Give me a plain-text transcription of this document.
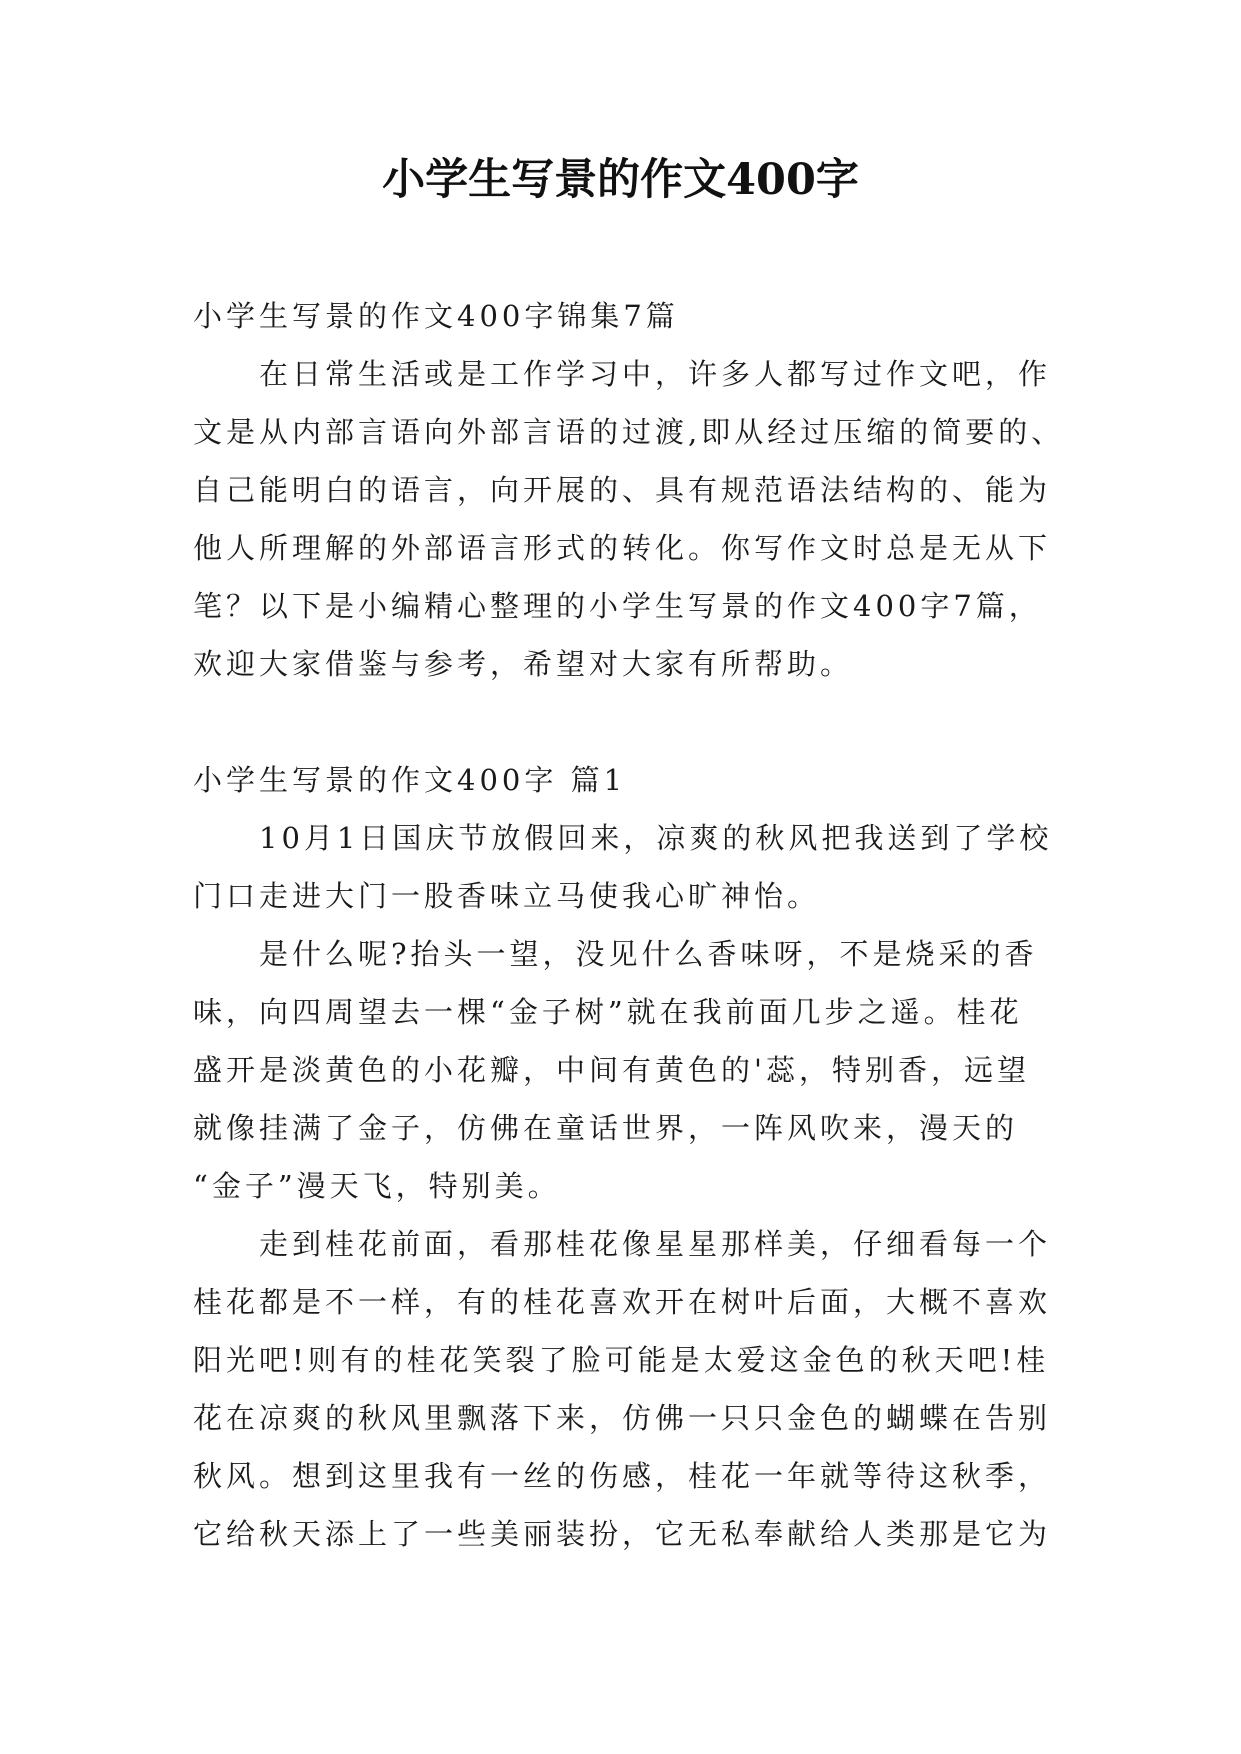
小学生写景的作文400字
小学生写景的作文400字锦集7篇
在日常生活或是工作学习中，许多人都写过作文吧，作
文是从内部言语向外部言语的过渡,即从经过压缩的简要的、
自己能明白的语言，向开展的、具有规范语法结构的、能为
他人所理解的外部语言形式的转化。你写作文时总是无从下
笔？以下是小编精心整理的小学生写景的作文400字7篇，
欢迎大家借鉴与参考，希望对大家有所帮助。
小学生写景的作文400字 篇1
10月1日国庆节放假回来，凉爽的秋风把我送到了学校
门口走进大门一股香味立马使我心旷神怡。
是什么呢?抬头一望，没见什么香味呀，不是烧采的香
味，向四周望去一棵“金子树”就在我前面几步之遥。桂花
盛开是淡黄色的小花瓣，中间有黄色的'蕊，特别香，远望
就像挂满了金子，仿佛在童话世界，一阵风吹来，漫天的
“金子”漫天飞，特别美。
走到桂花前面，看那桂花像星星那样美，仔细看每一个
桂花都是不一样，有的桂花喜欢开在树叶后面，大概不喜欢
阳光吧!则有的桂花笑裂了脸可能是太爱这金色的秋天吧!桂
花在凉爽的秋风里飘落下来，仿佛一只只金色的蝴蝶在告别
秋风。想到这里我有一丝的伤感，桂花一年就等待这秋季，
它给秋天添上了一些美丽装扮，它无私奉献给人类那是它为
